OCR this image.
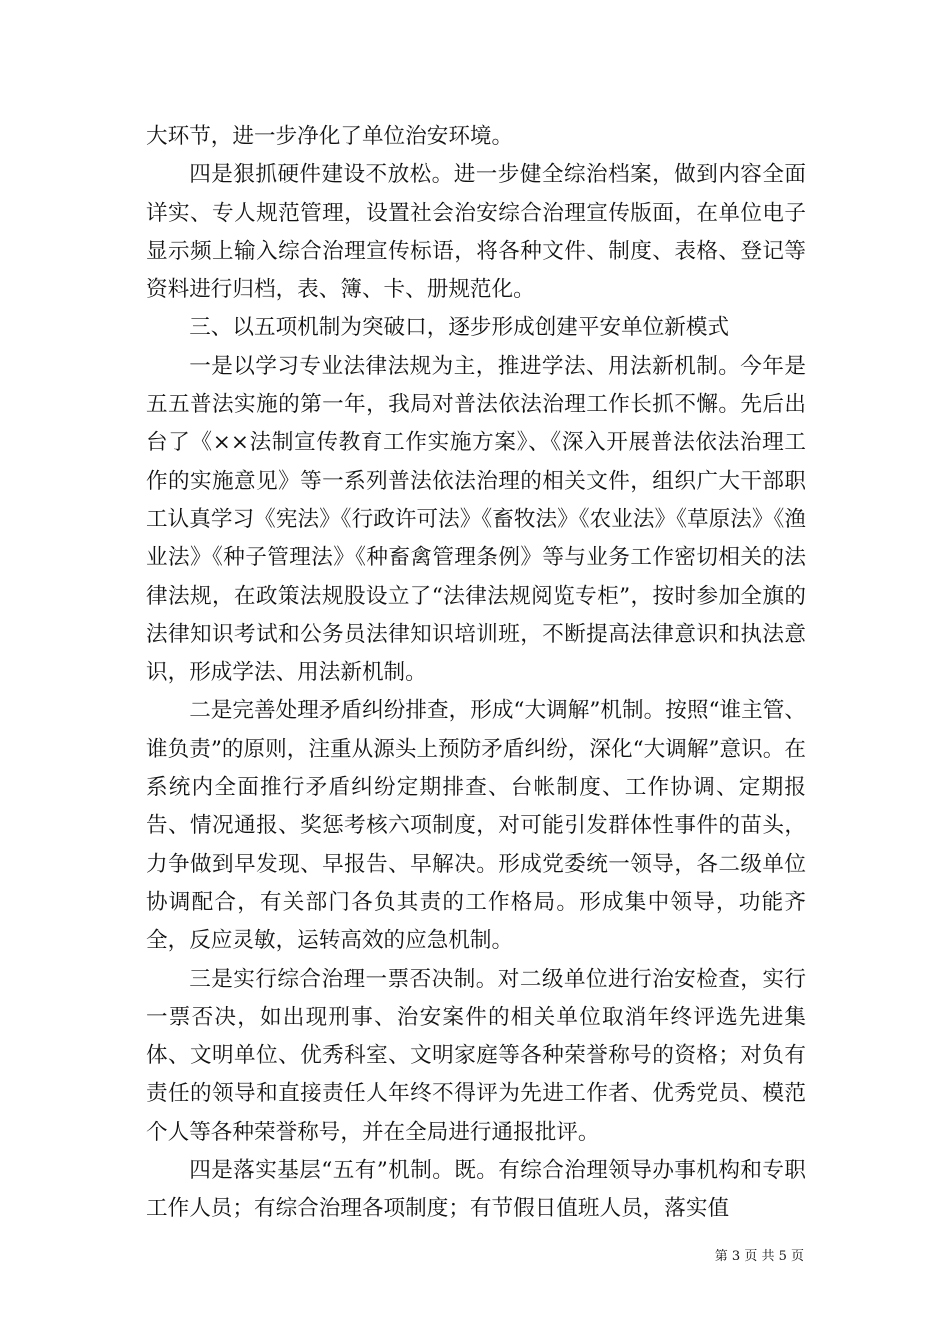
大环节，进一步净化了单位治安环境。

四是狠抓硬件建设不放松。进一步健全综治档案，做到内容全面详实、专人规范管理，设置社会治安综合治理宣传版面，在单位电子显示频上输入综合治理宣传标语，将各种文件、制度、表格、登记等资料进行归档，表、簿、卡、册规范化。

三、以五项机制为突破口，逐步形成创建平安单位新模式

一是以学习专业法律法规为主，推进学法、用法新机制。今年是五五普法实施的第一年，我局对普法依法治理工作长抓不懈。先后出台了《××法制宣传教育工作实施方案》、《深入开展普法依法治理工作的实施意见》等一系列普法依法治理的相关文件，组织广大干部职工认真学习《宪法》《行政许可法》《畜牧法》《农业法》《草原法》《渔业法》《种子管理法》《种畜禽管理条例》等与业务工作密切相关的法律法规，在政策法规股设立了“法律法规阅览专柜”，按时参加全旗的法律知识考试和公务员法律知识培训班，不断提高法律意识和执法意识，形成学法、用法新机制。

二是完善处理矛盾纠纷排查，形成“大调解”机制。按照“谁主管、谁负责”的原则，注重从源头上预防矛盾纠纷，深化“大调解”意识。在系统内全面推行矛盾纠纷定期排查、台帐制度、工作协调、定期报告、情况通报、奖惩考核六项制度，对可能引发群体性事件的苗头，力争做到早发现、早报告、早解决。形成党委统一领导，各二级单位协调配合，有关部门各负其责的工作格局。形成集中领导，功能齐全，反应灵敏，运转高效的应急机制。

三是实行综合治理一票否决制。对二级单位进行治安检查，实行一票否决，如出现刑事、治安案件的相关单位取消年终评选先进集体、文明单位、优秀科室、文明家庭等各种荣誉称号的资格；对负有责任的领导和直接责任人年终不得评为先进工作者、优秀党员、模范个人等各种荣誉称号，并在全局进行通报批评。

四是落实基层“五有”机制。既。有综合治理领导办事机构和专职工作人员；有综合治理各项制度；有节假日值班人员，落实值

第 3 页 共 5 页
